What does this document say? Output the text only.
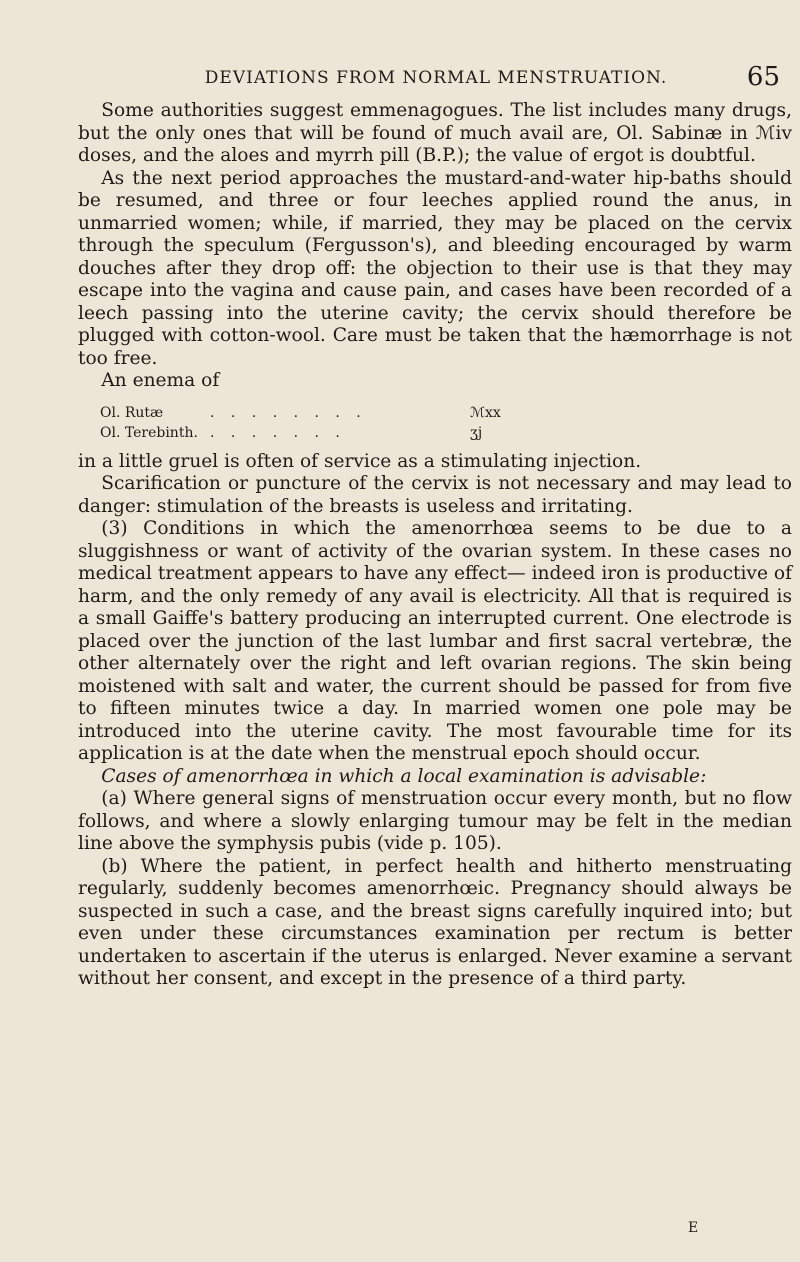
DEVIATIONS FROM NORMAL MENSTRUATION.	65

Some authorities suggest emmenagogues. The list includes many drugs, but the only ones that will be found of much avail are, Ol. Sabinæ in ℳiv doses, and the aloes and myrrh pill (B.P.); the value of ergot is doubtful.

As the next period approaches the mustard-and-water hip-baths should be resumed, and three or four leeches applied round the anus, in unmarried women; while, if married, they may be placed on the cervix through the speculum (Fergusson's), and bleeding encouraged by warm douches after they drop off: the objection to their use is that they may escape into the vagina and cause pain, and cases have been recorded of a leech passing into the uterine cavity; the cervix should therefore be plugged with cotton-wool. Care must be taken that the hæmorrhage is not too free.

An enema of

Ol. Rutæ	. . . . . . . .	ℳxx
Ol. Terebinth. . . . . . . .	ʒj

in a little gruel is often of service as a stimulating injection.

Scarification or puncture of the cervix is not necessary and may lead to danger: stimulation of the breasts is useless and irritating.

(3) Conditions in which the amenorrhœa seems to be due to a sluggishness or want of activity of the ovarian system. In these cases no medical treatment appears to have any effect— indeed iron is productive of harm, and the only remedy of any avail is electricity. All that is required is a small Gaiffe's battery producing an interrupted current. One electrode is placed over the junction of the last lumbar and first sacral vertebræ, the other alternately over the right and left ovarian regions. The skin being moistened with salt and water, the current should be passed for from five to fifteen minutes twice a day. In married women one pole may be introduced into the uterine cavity. The most favourable time for its application is at the date when the menstrual epoch should occur.

Cases of amenorrhœa in which a local examination is advisable:

(a) Where general signs of menstruation occur every month, but no flow follows, and where a slowly enlarging tumour may be felt in the median line above the symphysis pubis (vide p. 105).

(b) Where the patient, in perfect health and hitherto menstruating regularly, suddenly becomes amenorrhœic. Pregnancy should always be suspected in such a case, and the breast signs carefully inquired into; but even under these circumstances examination per rectum is better undertaken to ascertain if the uterus is enlarged. Never examine a servant without her consent, and except in the presence of a third party.

E
